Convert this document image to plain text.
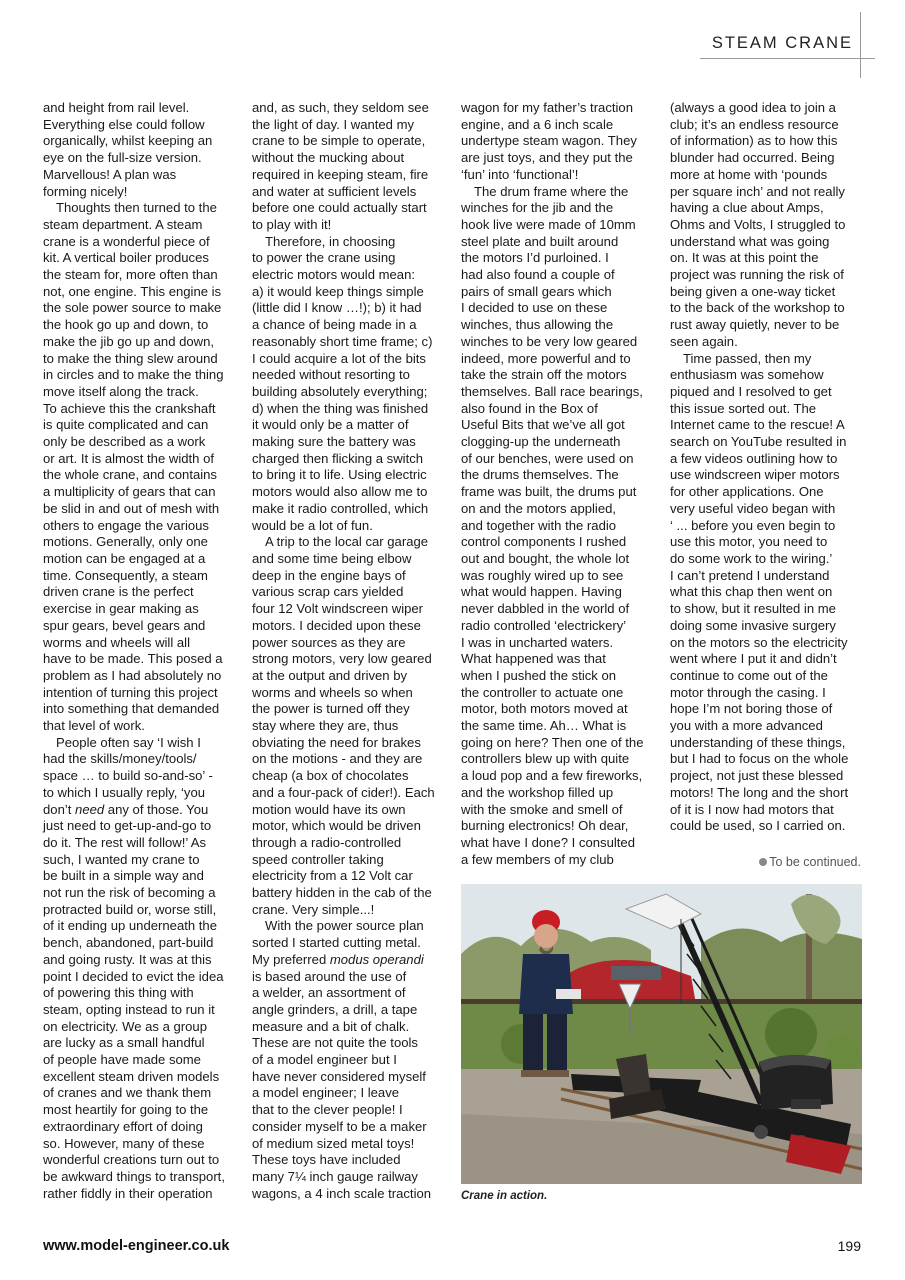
STEAM CRANE

and height from rail level.

Everything else could follow

organically, whilst keeping an

eye on the full-size version.

Marvellous! A plan was

forming nicely!

Thoughts then turned to the

steam department. A steam

crane is a wonderful piece of

kit. A vertical boiler produces

the steam for, more often than

not, one engine. This engine is

the sole power source to make

the hook go up and down, to

make the jib go up and down,

to make the thing slew around

in circles and to make the thing

move itself along the track.

To achieve this the crankshaft

is quite complicated and can

only be described as a work

or art. It is almost the width of

the whole crane, and contains

a multiplicity of gears that can

be slid in and out of mesh with

others to engage the various

motions. Generally, only one

motion can be engaged at a

time. Consequently, a steam

driven crane is the perfect

exercise in gear making as

spur gears, bevel gears and

worms and wheels will all

have to be made. This posed a

problem as I had absolutely no

intention of turning this project

into something that demanded

that level of work.

People often say ‘I wish I

had the skills/money/tools/

space … to build so-and-so’ -

to which I usually reply, ‘you

don’t need any of those. You

just need to get-up-and-go to

do it. The rest will follow!’ As

such, I wanted my crane to

be built in a simple way and

not run the risk of becoming a

protracted build or, worse still,

of it ending up underneath the

bench, abandoned, part-build

and going rusty. It was at this

point I decided to evict the idea

of powering this thing with

steam, opting instead to run it

on electricity. We as a group

are lucky as a small handful

of people have made some

excellent steam driven models

of cranes and we thank them

most heartily for going to the

extraordinary effort of doing

so. However, many of these

wonderful creations turn out to

be awkward things to transport,

rather fiddly in their operation

and, as such, they seldom see

the light of day. I wanted my

crane to be simple to operate,

without the mucking about

required in keeping steam, fire

and water at sufficient levels

before one could actually start

to play with it!

Therefore, in choosing

to power the crane using

electric motors would mean:

a) it would keep things simple

(little did I know …!); b) it had

a chance of being made in a

reasonably short time frame; c)

I could acquire a lot of the bits

needed without resorting to

building absolutely everything;

d) when the thing was finished

it would only be a matter of

making sure the battery was

charged then flicking a switch

to bring it to life. Using electric

motors would also allow me to

make it radio controlled, which

would be a lot of fun.

A trip to the local car garage

and some time being elbow

deep in the engine bays of

various scrap cars yielded

four 12 Volt windscreen wiper

motors. I decided upon these

power sources as they are

strong motors, very low geared

at the output and driven by

worms and wheels so when

the power is turned off they

stay where they are, thus

obviating the need for brakes

on the motions - and they are

cheap (a box of chocolates

and a four-pack of cider!). Each

motion would have its own

motor, which would be driven

through a radio-controlled

speed controller taking

electricity from a 12 Volt car

battery hidden in the cab of the

crane. Very simple...!

With the power source plan

sorted I started cutting metal.

My preferred modus operandi

is based around the use of

a welder, an assortment of

angle grinders, a drill, a tape

measure and a bit of chalk.

These are not quite the tools

of a model engineer but I

have never considered myself

a model engineer; I leave

that to the clever people! I

consider myself to be a maker

of medium sized metal toys!

These toys have included

many 7¼ inch gauge railway

wagons, a 4 inch scale traction

wagon for my father’s traction

engine, and a 6 inch scale

undertype steam wagon. They

are just toys, and they put the

‘fun’ into ‘functional’!

The drum frame where the

winches for the jib and the

hook live were made of 10mm

steel plate and built around

the motors I’d purloined. I

had also found a couple of

pairs of small gears which

I decided to use on these

winches, thus allowing the

winches to be very low geared

indeed, more powerful and to

take the strain off the motors

themselves. Ball race bearings,

also found in the Box of

Useful Bits that we’ve all got

clogging-up the underneath

of our benches, were used on

the drums themselves. The

frame was built, the drums put

on and the motors applied,

and together with the radio

control components I rushed

out and bought, the whole lot

was roughly wired up to see

what would happen. Having

never dabbled in the world of

radio controlled ‘electrickery’

I was in uncharted waters.

What happened was that

when I pushed the stick on

the controller to actuate one

motor, both motors moved at

the same time. Ah… What is

going on here? Then one of the

controllers blew up with quite

a loud pop and a few fireworks,

and the workshop filled up

with the smoke and smell of

burning electronics! Oh dear,

what have I done? I consulted

a few members of my club

(always a good idea to join a

club; it’s an endless resource

of information) as to how this

blunder had occurred. Being

more at home with ‘pounds

per square inch’ and not really

having a clue about Amps,

Ohms and Volts, I struggled to

understand what was going

on. It was at this point the

project was running the risk of

being given a one-way ticket

to the back of the workshop to

rust away quietly, never to be

seen again.

Time passed, then my

enthusiasm was somehow

piqued and I resolved to get

this issue sorted out. The

Internet came to the rescue! A

search on YouTube resulted in

a few videos outlining how to

use windscreen wiper motors

for other applications. One

very useful video began with

‘ ... before you even begin to

use this motor, you need to

do some work to the wiring.’

I can’t pretend I understand

what this chap then went on

to show, but it resulted in me

doing some invasive surgery

on the motors so the electricity

went where I put it and didn’t

continue to come out of the

motor through the casing. I

hope I’m not boring those of

you with a more advanced

understanding of these things,

but I had to focus on the whole

project, not just these blessed

motors! The long and the short

of it is I now had motors that

could be used, so I carried on.

To be continued.
Crane in action.
www.model-engineer.co.uk	199
